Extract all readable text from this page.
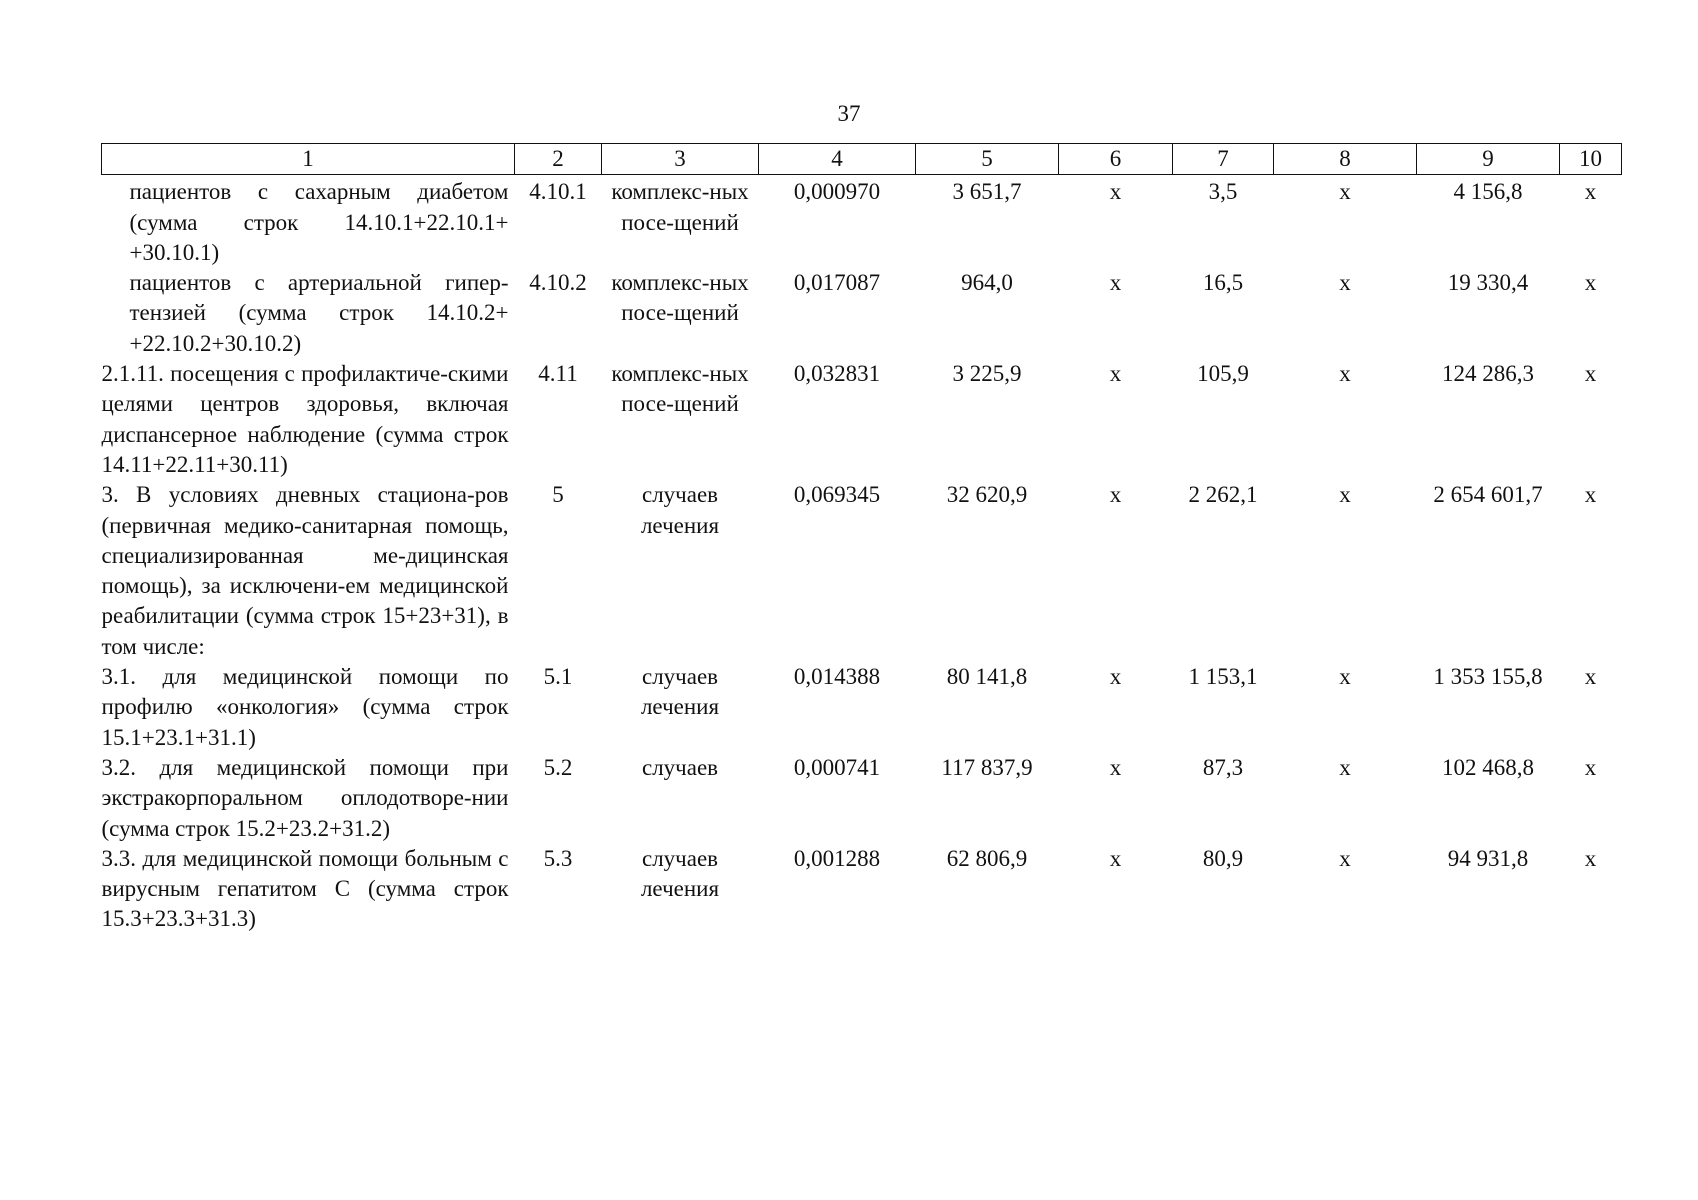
37
1	2	3	4	5	6	7	8	9	10
пациентов с сахарным диабетом (сумма строк 14.10.1+22.10.1+ +30.10.1)	4.10.1	комплекс-ных посе-щений	0,000970	3 651,7	х	3,5	х	4 156,8	х
пациентов с артериальной гипер-тензией (сумма строк 14.10.2+ +22.10.2+30.10.2)	4.10.2	комплекс-ных посе-щений	0,017087	964,0	х	16,5	х	19 330,4	х
2.1.11. посещения с профилактиче-скими целями центров здоровья, включая диспансерное наблюдение (сумма строк 14.11+22.11+30.11)	4.11	комплекс-ных посе-щений	0,032831	3 225,9	х	105,9	х	124 286,3	х
3. В условиях дневных стациона-ров (первичная медико-санитарная помощь, специализированная ме-дицинская помощь), за исключени-ем медицинской реабилитации (сумма строк 15+23+31), в том числе:	5	случаев лечения	0,069345	32 620,9	х	2 262,1	х	2 654 601,7	х
3.1. для медицинской помощи по профилю «онкология» (сумма строк 15.1+23.1+31.1)	5.1	случаев лечения	0,014388	80 141,8	х	1 153,1	х	1 353 155,8	х
3.2. для медицинской помощи при экстракорпоральном оплодотворе-нии (сумма строк 15.2+23.2+31.2)	5.2	случаев	0,000741	117 837,9	х	87,3	х	102 468,8	х
3.3. для медицинской помощи больным с вирусным гепатитом С (сумма строк 15.3+23.3+31.3)	5.3	случаев лечения	0,001288	62 806,9	х	80,9	х	94 931,8	х
